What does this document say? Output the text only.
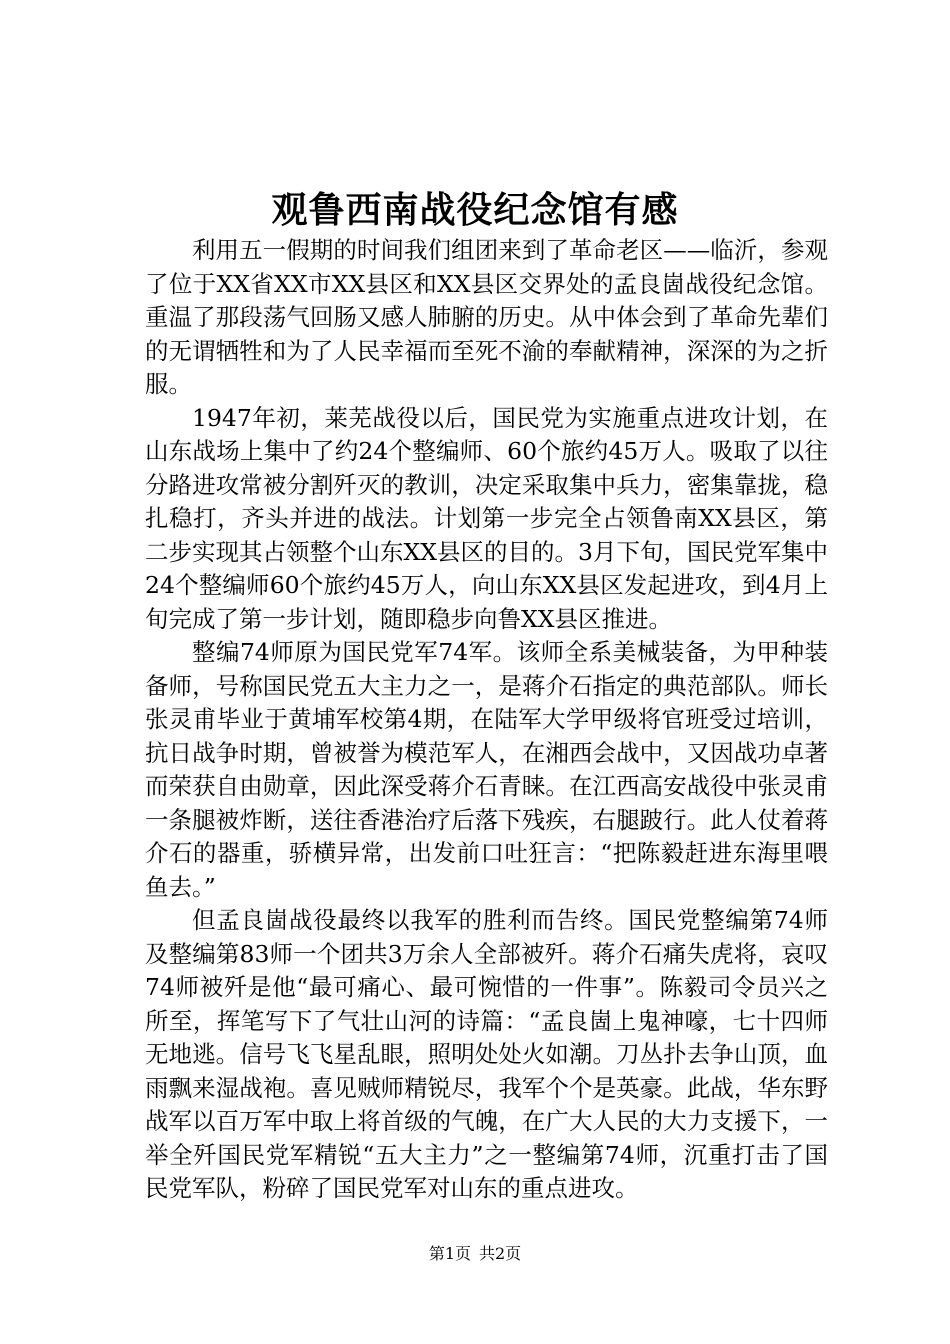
观鲁西南战役纪念馆有感

利用五一假期的时间我们组团来到了革命老区——临沂，参观了位于XX省XX市XX县区和XX县区交界处的孟良崮战役纪念馆。重温了那段荡气回肠又感人肺腑的历史。从中体会到了革命先辈们的无谓牺牲和为了人民幸福而至死不渝的奉献精神，深深的为之折服。

1947年初，莱芜战役以后，国民党为实施重点进攻计划，在山东战场上集中了约24个整编师、60个旅约45万人。吸取了以往分路进攻常被分割歼灭的教训，决定采取集中兵力，密集靠拢，稳扎稳打，齐头并进的战法。计划第一步完全占领鲁南XX县区，第二步实现其占领整个山东XX县区的目的。3月下旬，国民党军集中24个整编师60个旅约45万人，向山东XX县区发起进攻，到4月上旬完成了第一步计划，随即稳步向鲁XX县区推进。

整编74师原为国民党军74军。该师全系美械装备，为甲种装备师，号称国民党五大主力之一，是蒋介石指定的典范部队。师长张灵甫毕业于黄埔军校第4期，在陆军大学甲级将官班受过培训，抗日战争时期，曾被誉为模范军人，在湘西会战中，又因战功卓著而荣获自由勋章，因此深受蒋介石青睐。在江西高安战役中张灵甫一条腿被炸断，送往香港治疗后落下残疾，右腿跛行。此人仗着蒋介石的器重，骄横异常，出发前口吐狂言：“把陈毅赶进东海里喂鱼去。”

但孟良崮战役最终以我军的胜利而告终。国民党整编第74师及整编第83师一个团共3万余人全部被歼。蒋介石痛失虎将，哀叹74师被歼是他“最可痛心、最可惋惜的一件事”。陈毅司令员兴之所至，挥笔写下了气壮山河的诗篇：“孟良崮上鬼神嚎，七十四师无地逃。信号飞飞星乱眼，照明处处火如潮。刀丛扑去争山顶，血雨飘来湿战袍。喜见贼师精锐尽，我军个个是英豪。此战，华东野战军以百万军中取上将首级的气魄，在广大人民的大力支援下，一举全歼国民党军精锐“五大主力”之一整编第74师，沉重打击了国民党军队，粉碎了国民党军对山东的重点进攻。

第1页 共2页
